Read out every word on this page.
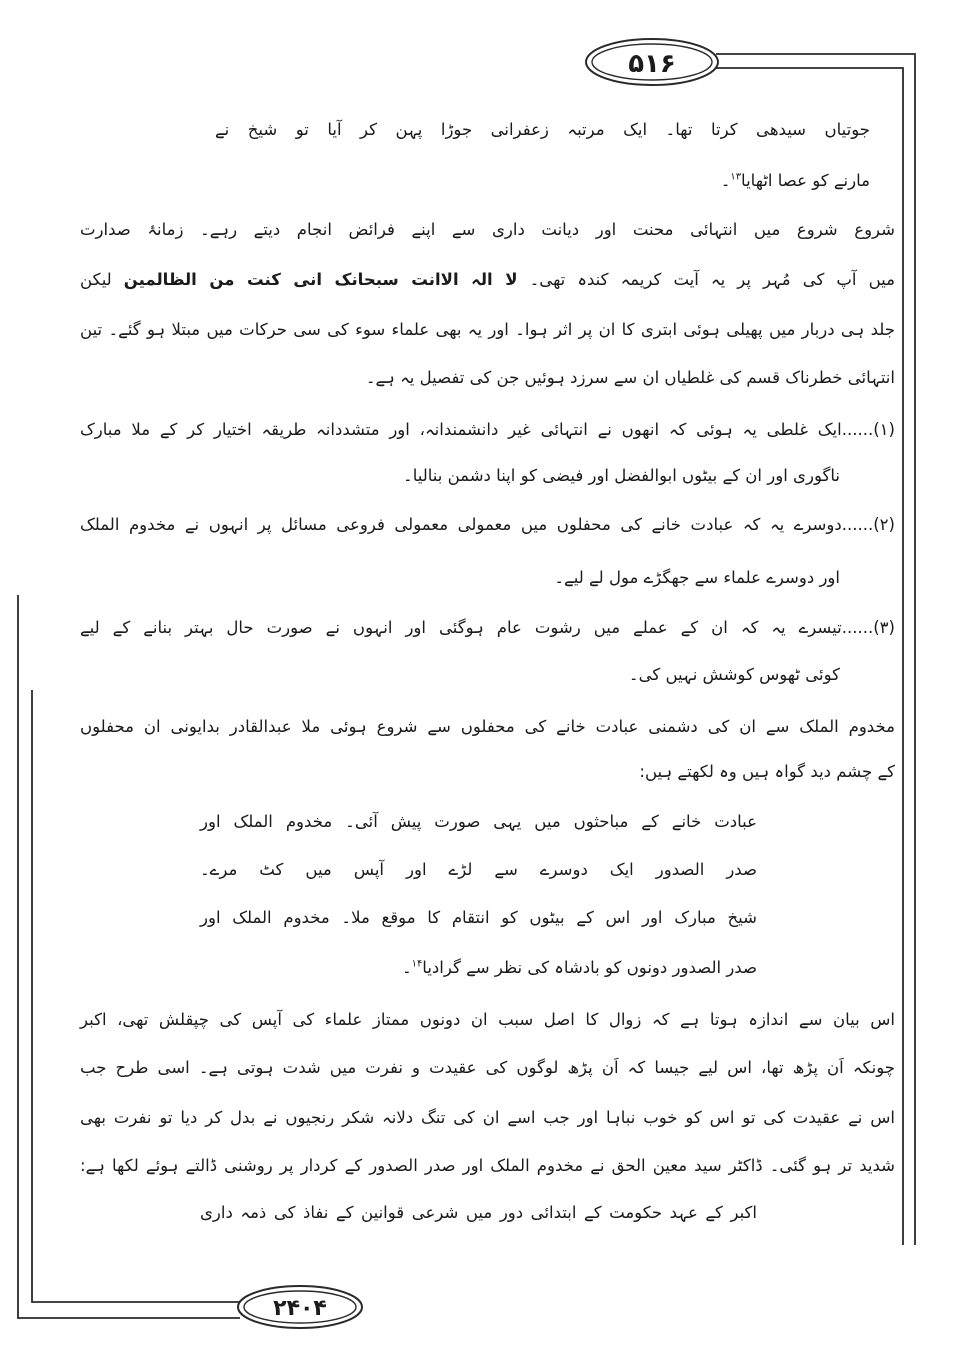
۵۱۶
۲۴۰۴
جوتیاں سیدھی کرتا تھا۔ ایک مرتبہ زعفرانی جوڑا پہن کر آیا تو شیخ نے
مارنے کو عصا اٹھایا$^{۱۳}$۔
شروع شروع میں انتہائی محنت اور دیانت داری سے اپنے فرائض انجام دیتے رہے۔ زمانۂ صدارت
میں آپ کی مُہر پر یہ آیت کریمہ کندہ تھی۔ لا الہ الاانت سبحانک انی کنت من الظالمین لیکن
جلد ہی دربار میں پھیلی ہوئی ابتری کا ان پر اثر ہوا۔ اور یہ بھی علماء سوء کی سی حرکات میں مبتلا ہو گئے۔ تین
انتہائی خطرناک قسم کی غلطیاں ان سے سرزد ہوئیں جن کی تفصیل یہ ہے۔
(۱)......ایک غلطی یہ ہوئی کہ انھوں نے انتہائی غیر دانشمندانہ، اور متشددانہ طریقہ اختیار کر کے ملا مبارک
ناگوری اور ان کے بیٹوں ابوالفضل اور فیضی کو اپنا دشمن بنالیا۔
(۲)......دوسرے یہ کہ عبادت خانے کی محفلوں میں معمولی معمولی فروعی مسائل پر انہوں نے مخدوم الملک
اور دوسرے علماء سے جھگڑے مول لے لیے۔
(۳)......تیسرے یہ کہ ان کے عملے میں رشوت عام ہوگئی اور انہوں نے صورت حال بہتر بنانے کے لیے
کوئی ٹھوس کوشش نہیں کی۔
مخدوم الملک سے ان کی دشمنی عبادت خانے کی محفلوں سے شروع ہوئی ملا عبدالقادر بدایونی ان محفلوں
کے چشم دید گواہ ہیں وہ لکھتے ہیں:
عبادت خانے کے مباحثوں میں یہی صورت پیش آئی۔ مخدوم الملک اور
صدر الصدور ایک دوسرے سے لڑے اور آپس میں کٹ مرے۔
شیخ مبارک اور اس کے بیٹوں کو انتقام کا موقع ملا۔ مخدوم الملک اور
صدر الصدور دونوں کو بادشاہ کی نظر سے گرادیا$^{۱۴}$۔
اس بیان سے اندازہ ہوتا ہے کہ زوال کا اصل سبب ان دونوں ممتاز علماء کی آپس کی چپقلش تھی، اکبر
چونکہ اَن پڑھ تھا، اس لیے جیسا کہ اَن پڑھ لوگوں کی عقیدت و نفرت میں شدت ہوتی ہے۔ اسی طرح جب
اس نے عقیدت کی تو اس کو خوب نباہا اور جب اسے ان کی تنگ دلانہ شکر رنجیوں نے بدل کر دیا تو نفرت بھی
شدید تر ہو گئی۔ ڈاکٹر سید معین الحق نے مخدوم الملک اور صدر الصدور کے کردار پر روشنی ڈالتے ہوئے لکھا ہے:
اکبر کے عہد حکومت کے ابتدائی دور میں شرعی قوانین کے نفاذ کی ذمہ داری
